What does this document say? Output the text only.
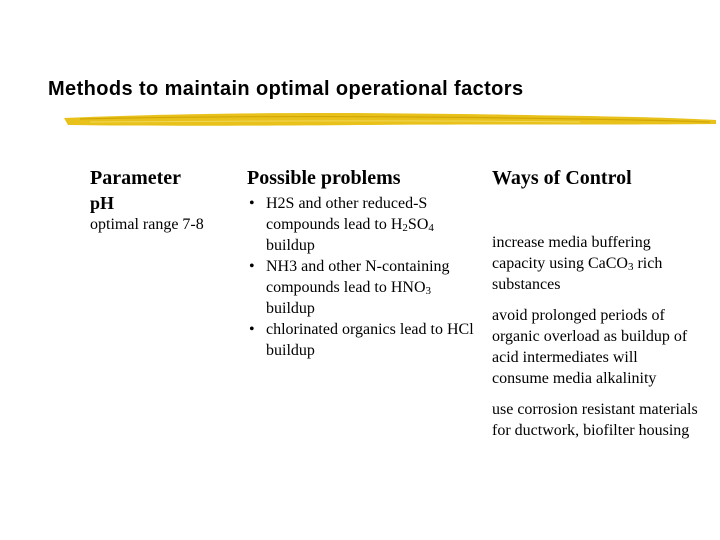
Methods to maintain optimal operational factors
Parameter
pH
optimal range 7-8
Possible problems
• H2S and other reduced-S compounds lead to $H_2SO_4$ buildup
• NH3 and other N-containing compounds lead to $HNO_3$ buildup
• chlorinated organics lead to HCl buildup
Ways of Control

increase media buffering capacity using CaCO$_3$ rich substances

avoid prolonged periods of organic overload as buildup of acid intermediates will consume media alkalinity

use corrosion resistant materials for ductwork, biofilter housing
